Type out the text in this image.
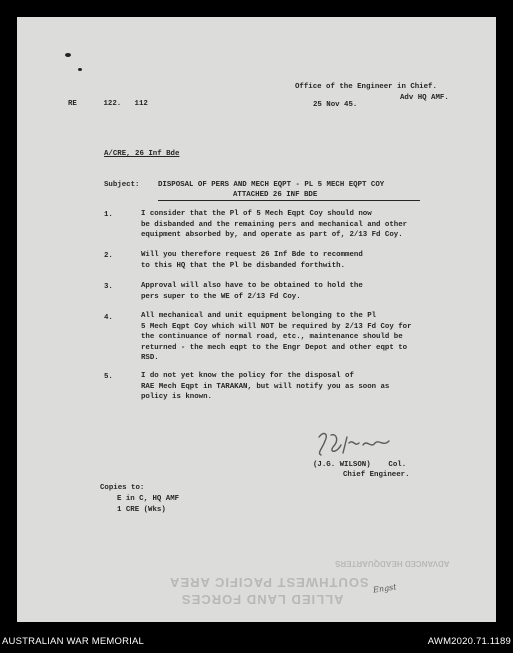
Office of the Engineer in Chief.
Adv HQ AMF.
RE      122.   112	25 Nov 45.
A/CRE, 26 Inf Bde
Subject:	DISPOSAL OF PERS AND MECH EQPT - PL 5 MECH EQPT COY
ATTACHED 26 INF BDE
1.	I consider that the Pl of 5 Mech Eqpt Coy should now
be disbanded and the remaining pers and mechanical and other
equipment absorbed by, and operate as part of, 2/13 Fd Coy.
2.	Will you therefore request 26 Inf Bde to recommend
to this HQ that the Pl be disbanded forthwith.
3.	Approval will also have to be obtained to hold the
pers super to the WE of 2/13 Fd Coy.
4.	All mechanical and unit equipment belonging to the Pl
5 Mech Eqpt Coy which will NOT be required by 2/13 Fd Coy for
the continuance of normal road, etc., maintenance should be
returned - the mech eqpt to the Engr Depot and other eqpt to
RSD.
5.	I do not yet know the policy for the disposal of
RAE Mech Eqpt in TARAKAN, but will notify you as soon as
policy is known.
(J.G. WILSON)    Col.
Chief Engineer.
Copies to:
E in C, HQ AMF
1 CRE (Wks)
ADVANCED HEADQUARTERS
SOUTHWEST PACIFIC AREA
ALLIED LAND FORCES
Engst
AUSTRALIAN WAR MEMORIAL	AWM2020.71.1189
